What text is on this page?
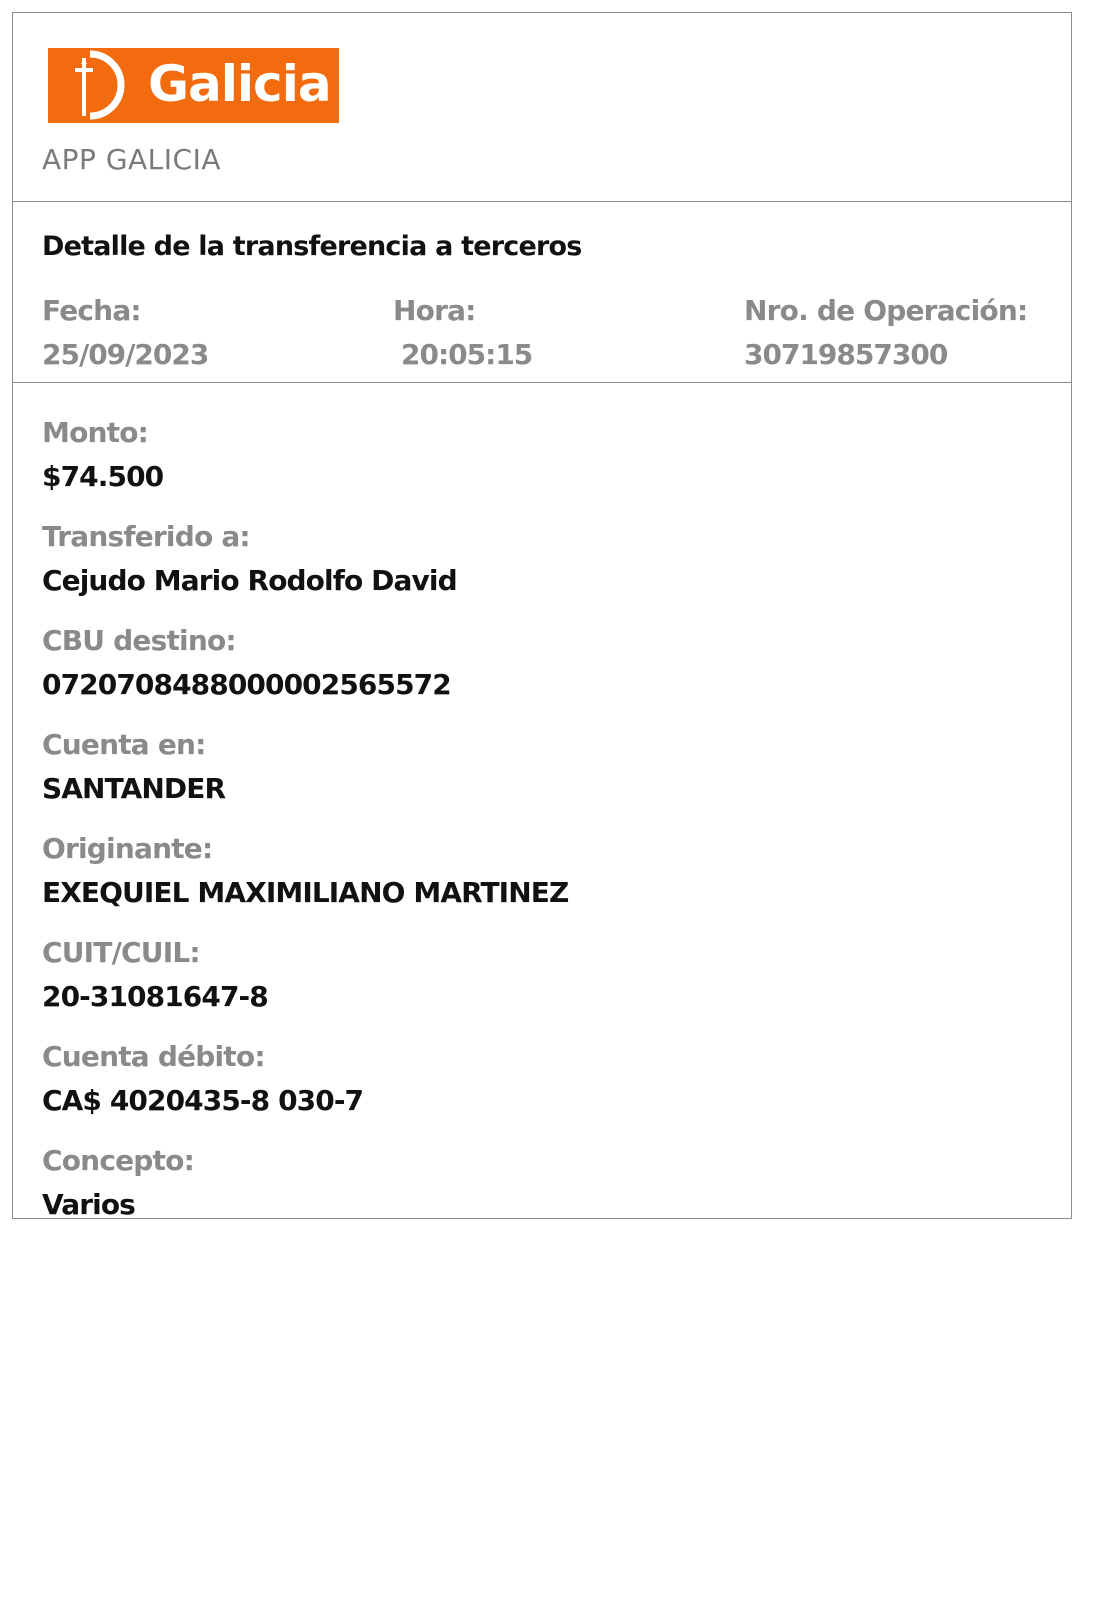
Galicia
APP GALICIA
Detalle de la transferencia a terceros
Fecha:
25/09/2023
Hora:
20:05:15
Nro. de Operación:
30719857300
Monto:
$74.500
Transferido a:
Cejudo Mario Rodolfo David
CBU destino:
0720708488000002565572
Cuenta en:
SANTANDER
Originante:
EXEQUIEL MAXIMILIANO MARTINEZ
CUIT/CUIL:
20-31081647-8
Cuenta débito:
CA$ 4020435-8 030-7
Concepto:
Varios
